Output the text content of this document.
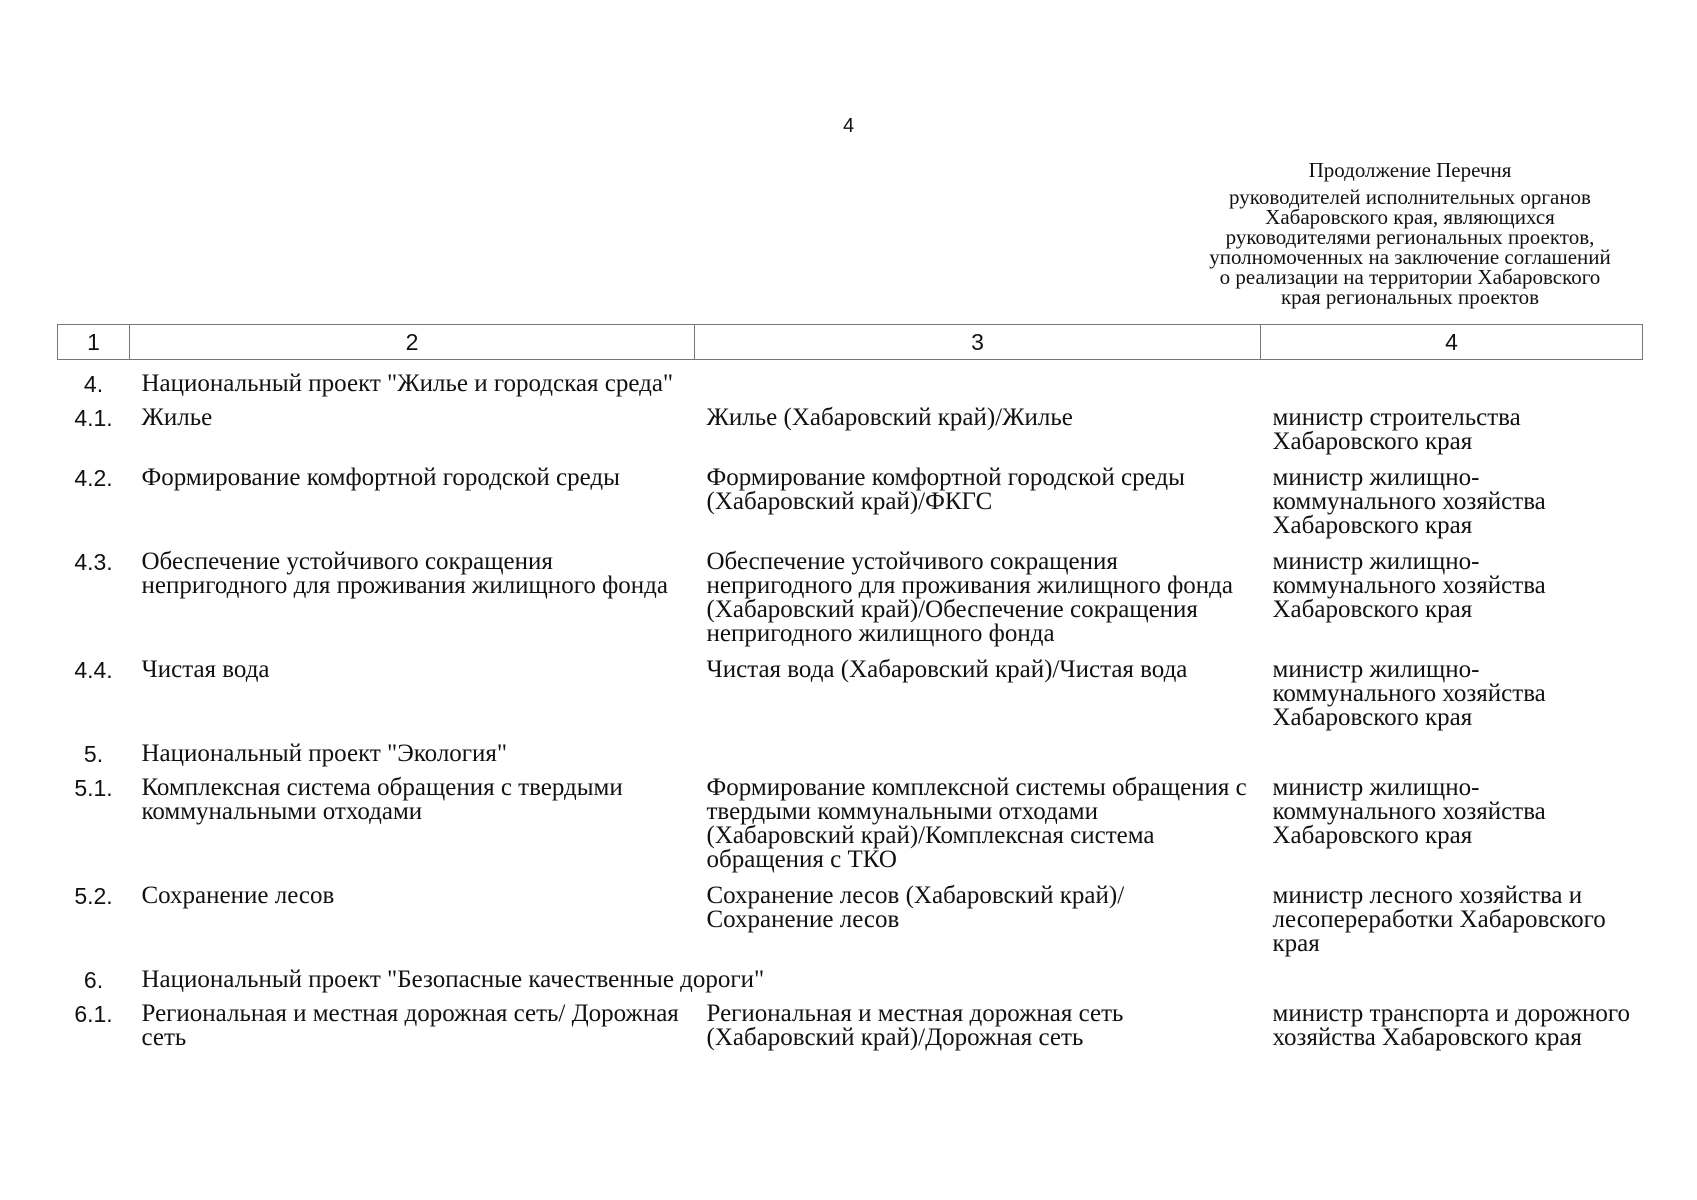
4
Продолжение Перечня
руководителей исполнительных органов
Хабаровского края, являющихся
руководителями региональных проектов,
уполномоченных на заключение соглашений
о реализации на территории Хабаровского
края региональных проектов
1	2	3	4
4.	Национальный проект "Жилье и городская среда"		
4.1.	Жилье	Жилье (Хабаровский край)/Жилье	министр строительства Хабаровского края
4.2.	Формирование комфортной городской среды	Формирование комфортной городской среды (Хабаровский край)/ФКГС	министр жилищно-коммунального хозяйства Хабаровского края
4.3.	Обеспечение устойчивого сокращения непригодного для проживания жилищного фонда	Обеспечение устойчивого сокращения непригодного для проживания жилищного фонда (Хабаровский край)/Обеспечение сокращения непригодного жилищного фонда	министр жилищно-коммунального хозяйства Хабаровского края
4.4.	Чистая вода	Чистая вода (Хабаровский край)/Чистая вода	министр жилищно-коммунального хозяйства Хабаровского края
5.	Национальный проект "Экология"		
5.1.	Комплексная система обращения с твердыми коммунальными отходами	Формирование комплексной системы обращения с твердыми коммунальными отходами (Хабаровский край)/Комплексная система обращения с ТКО	министр жилищно-коммунального хозяйства Хабаровского края
5.2.	Сохранение лесов	Сохранение лесов (Хабаровский край)/ Сохранение лесов	министр лесного хозяйства и лесопереработки Хабаровского края
6.	Национальный проект "Безопасные качественные дороги"		
6.1.	Региональная и местная дорожная сеть/ Дорожная сеть	Региональная и местная дорожная сеть (Хабаровский край)/Дорожная сеть	министр транспорта и дорожного хозяйства Хабаровского края
